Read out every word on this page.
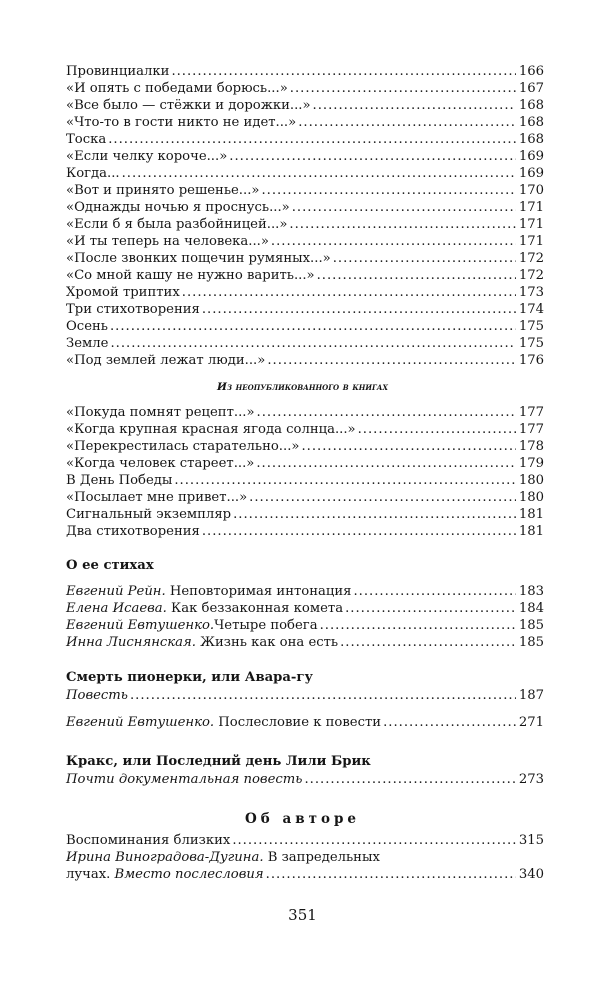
Провинциалки . . .	166
«И опять с победами борюсь...» . . .	167
«Все было — стёжки и дорожки...» . . .	168
«Что-то в гости никто не идет...» . . .	168
Тоска . . .	168
«Если челку короче...» . . .	169
Когда... . . .	169
«Вот и принято решенье...» . . .	170
«Однажды ночью я проснусь...» . . .	171
«Если б я была разбойницей...» . . .	171
«И ты теперь на человека...» . . .	171
«После звонких пощечин румяных...» . . .	172
«Со мной кашу не нужно варить...» . . .	172
Хромой триптих . . .	173
Три стихотворения . . .	174
Осень . . .	175
Земле . . .	175
«Под землей лежат люди...» . . .	176
Из неопубликованного в книгах
«Покуда помнят рецепт...» . . .	177
«Когда крупная красная ягода солнца...» . . .	177
«Перекрестилась старательно...» . . .	178
«Когда человек стареет...» . . .	179
В День Победы . . .	180
«Посылает мне привет...» . . .	180
Сигнальный экземпляр . . .	181
Два стихотворения . . .	181
О ее стихах
Евгений Рейн. Неповторимая интонация . . .	183
Елена Исаева. Как беззаконная комета . . .	184
Евгений Евтушенко.Четыре побега . . .	185
Инна Лиснянская. Жизнь как она есть . . .	185
Смерть пионерки, или Авара-гу
Повесть . . .	187
Евгений Евтушенко. Послесловие к повести . . .	271
Кракс, или Последний день Лили Брик
Почти документальная повесть . . .	273
Об авторе
Воспоминания близких . . .	315
Ирина Виноградова-Дугина. В запредельных
лучах. Вместо послесловия . . .	340
351
